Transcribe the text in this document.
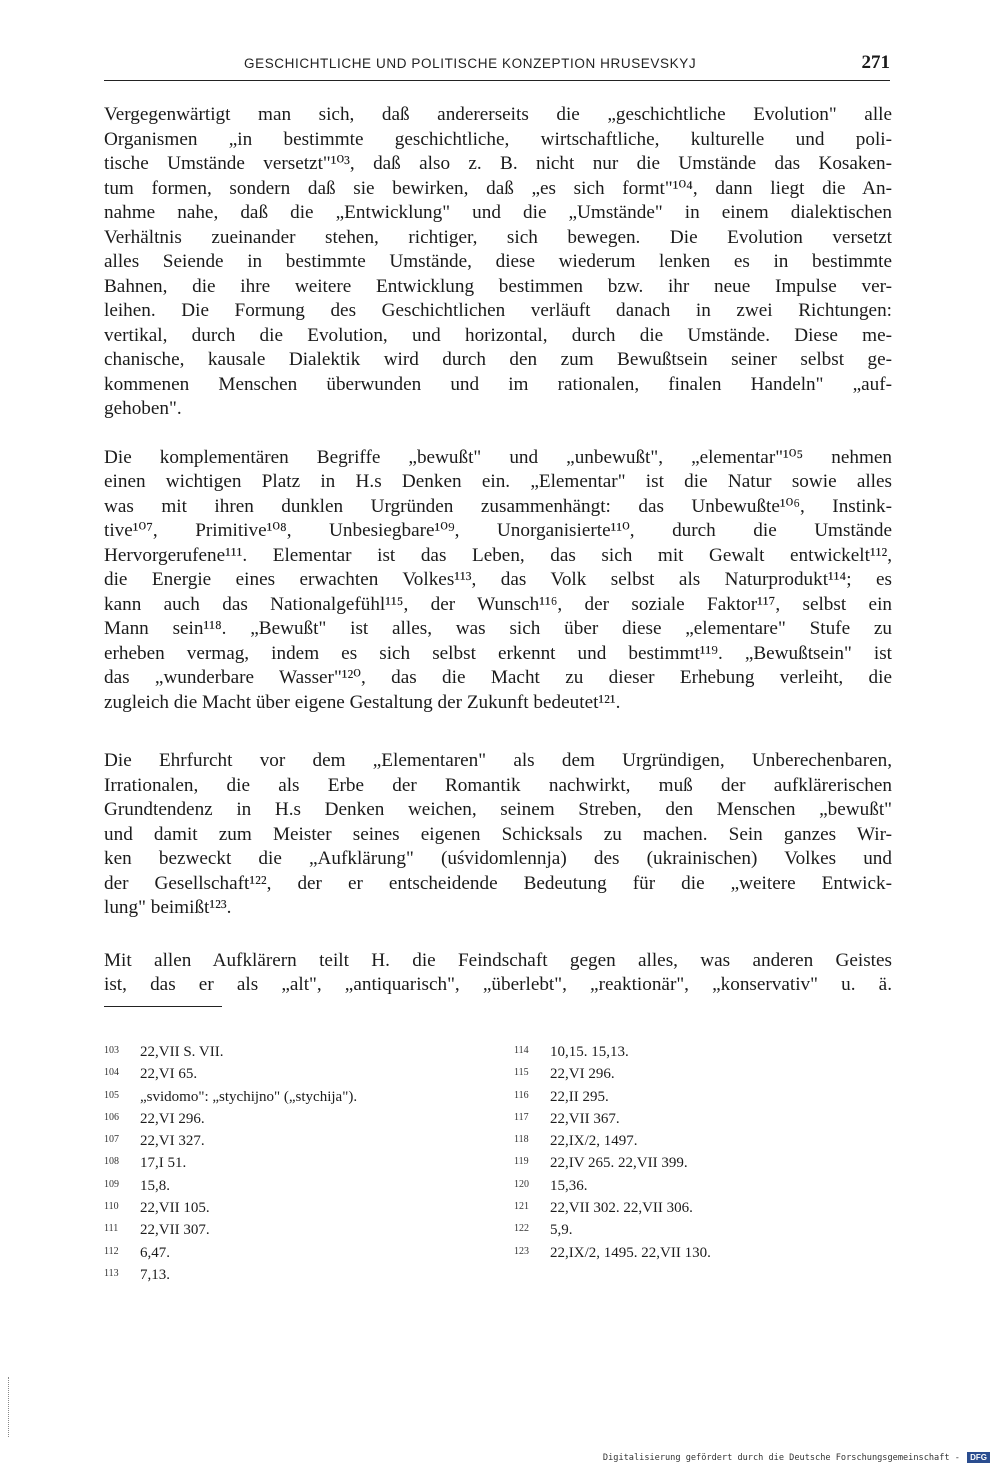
GESCHICHTLICHE UND POLITISCHE KONZEPTION HRUSEVSKYJ	271

Vergegenwärtigt man sich, daß andererseits die „geschichtliche Evolution" alle
Organismen „in bestimmte geschichtliche, wirtschaftliche, kulturelle und poli-
tische Umstände versetzt"¹⁰³, daß also z. B. nicht nur die Umstände das Kosaken-
tum formen, sondern daß sie bewirken, daß „es sich formt"¹⁰⁴, dann liegt die An-
nahme nahe, daß die „Entwicklung" und die „Umstände" in einem dialektischen
Verhältnis zueinander stehen, richtiger, sich bewegen. Die Evolution versetzt
alles Seiende in bestimmte Umstände, diese wiederum lenken es in bestimmte
Bahnen, die ihre weitere Entwicklung bestimmen bzw. ihr neue Impulse ver-
leihen. Die Formung des Geschichtlichen verläuft danach in zwei Richtungen:
vertikal, durch die Evolution, und horizontal, durch die Umstände. Diese me-
chanische, kausale Dialektik wird durch den zum Bewußtsein seiner selbst ge-
kommenen Menschen überwunden und im rationalen, finalen Handeln" „auf-
gehoben".

Die komplementären Begriffe „bewußt" und „unbewußt", „elementar"¹⁰⁵ nehmen
einen wichtigen Platz in H.s Denken ein. „Elementar" ist die Natur sowie alles
was mit ihren dunklen Urgründen zusammenhängt: das Unbewußte¹⁰⁶, Instink-
tive¹⁰⁷, Primitive¹⁰⁸, Unbesiegbare¹⁰⁹, Unorganisierte¹¹⁰, durch die Umstände
Hervorgerufene¹¹¹. Elementar ist das Leben, das sich mit Gewalt entwickelt¹¹²,
die Energie eines erwachten Volkes¹¹³, das Volk selbst als Naturprodukt¹¹⁴; es
kann auch das Nationalgefühl¹¹⁵, der Wunsch¹¹⁶, der soziale Faktor¹¹⁷, selbst ein
Mann sein¹¹⁸. „Bewußt" ist alles, was sich über diese „elementare" Stufe zu
erheben vermag, indem es sich selbst erkennt und bestimmt¹¹⁹. „Bewußtsein" ist
das „wunderbare Wasser"¹²⁰, das die Macht zu dieser Erhebung verleiht, die
zugleich die Macht über eigene Gestaltung der Zukunft bedeutet¹²¹.

Die Ehrfurcht vor dem „Elementaren" als dem Urgründigen, Unberechenbaren,
Irrationalen, die als Erbe der Romantik nachwirkt, muß der aufklärerischen
Grundtendenz in H.s Denken weichen, seinem Streben, den Menschen „bewußt"
und damit zum Meister seines eigenen Schicksals zu machen. Sein ganzes Wir-
ken bezweckt die „Aufklärung" (uśvidomlennja) des (ukrainischen) Volkes und
der Gesellschaft¹²², der er entscheidende Bedeutung für die „weitere Entwick-
lung" beimißt¹²³.

Mit allen Aufklärern teilt H. die Feindschaft gegen alles, was anderen Geistes
ist, das er als „alt", „antiquarisch", „überlebt", „reaktionär", „konservativ" u. ä.

103 22,VII S. VII.
104 22,VI 65.
105 „svidomo": „stychijno" („stychija").
106 22,VI 296.
107 22,VI 327.
108 17,I 51.
109 15,8.
110 22,VII 105.
111 22,VII 307.
112 6,47.
113 7,13.
114 10,15. 15,13.
115 22,VI 296.
116 22,II 295.
117 22,VII 367.
118 22,IX/2, 1497.
119 22,IV 265. 22,VII 399.
120 15,36.
121 22,VII 302. 22,VII 306.
122 5,9.
123 22,IX/2, 1495. 22,VII 130.
Digitalisierung gefördert durch die Deutsche Forschungsgemeinschaft - DFG
